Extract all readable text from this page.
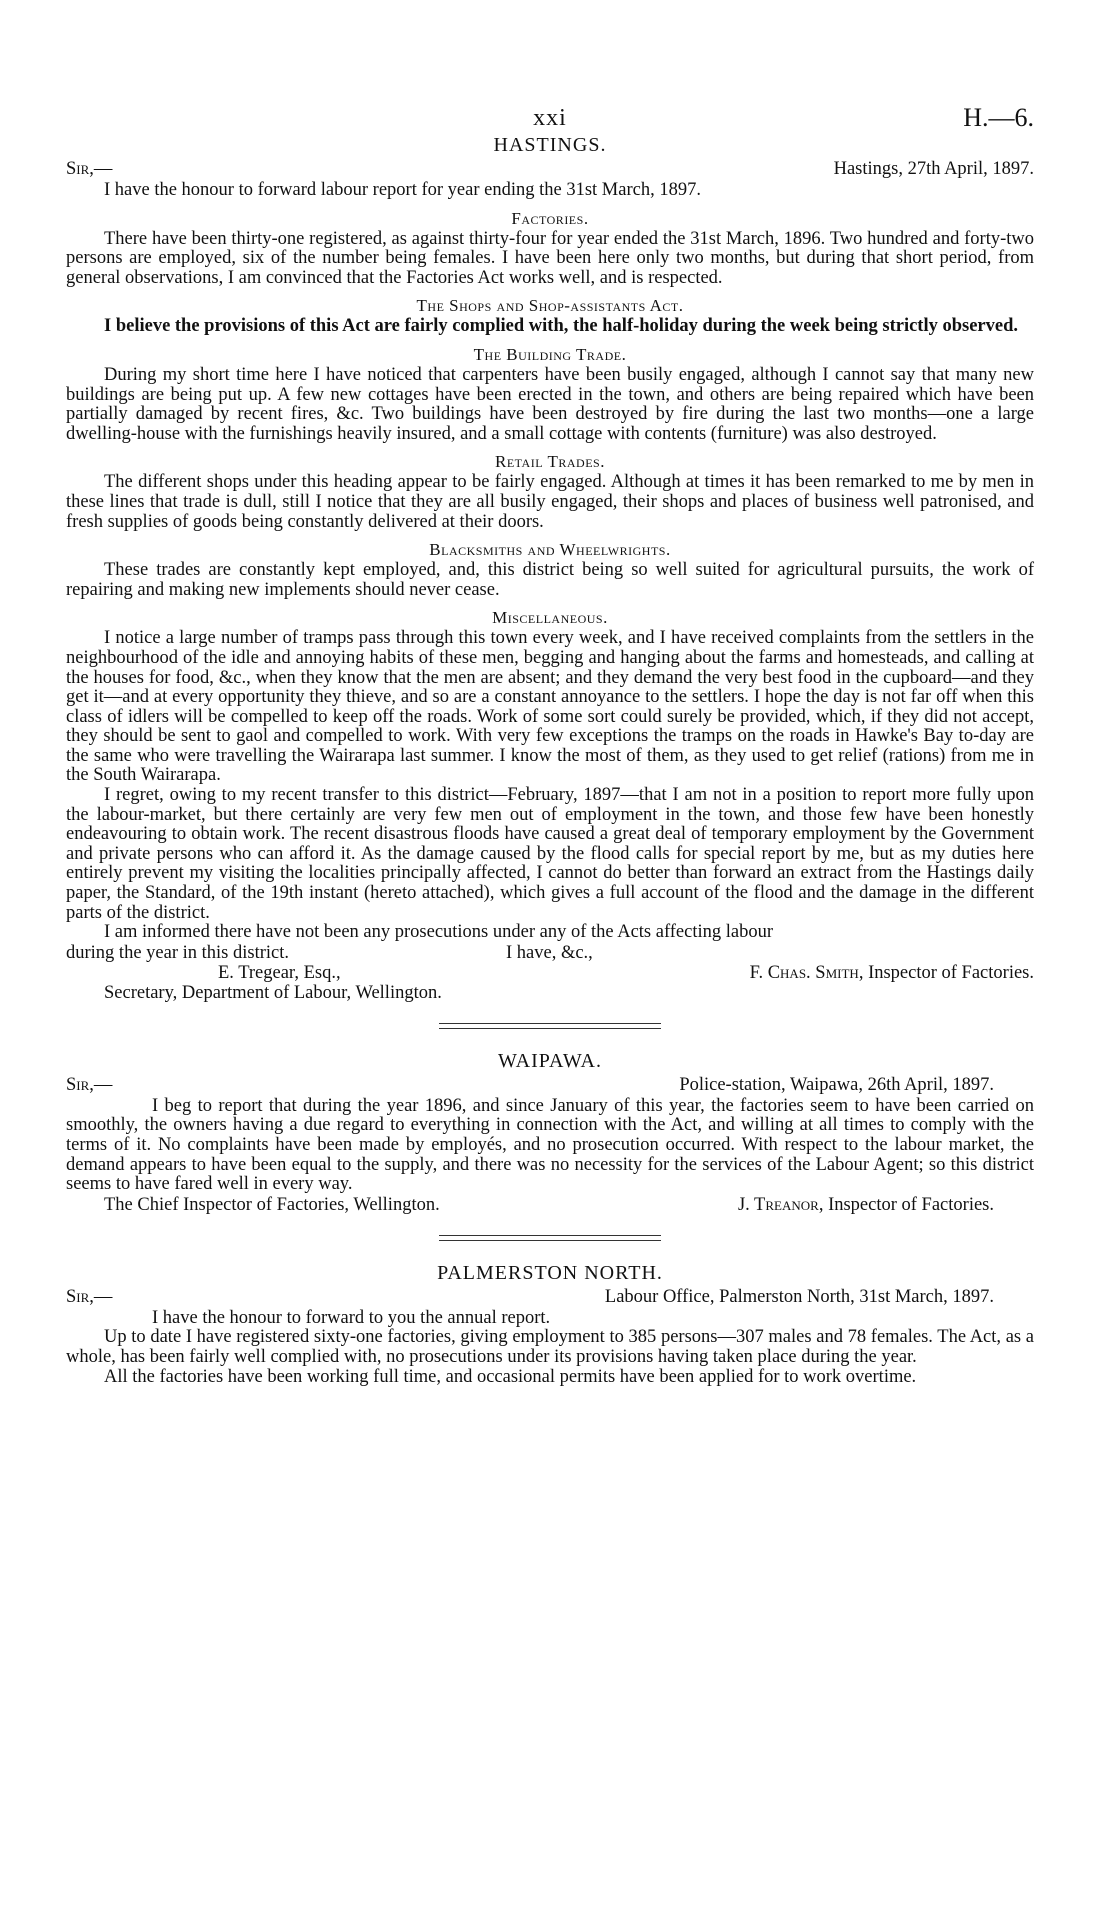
xxi	H.—6.
HASTINGS.
Sir,—	Hastings, 27th April, 1897.

I have the honour to forward labour report for year ending the 31st March, 1897.

Factories.

There have been thirty-one registered, as against thirty-four for year ended the 31st March, 1896. Two hundred and forty-two persons are employed, six of the number being females. I have been here only two months, but during that short period, from general observations, I am convinced that the Factories Act works well, and is respected.

The Shops and Shop-assistants Act.

I believe the provisions of this Act are fairly complied with, the half-holiday during the week being strictly observed.

The Building Trade.

During my short time here I have noticed that carpenters have been busily engaged, although I cannot say that many new buildings are being put up. A few new cottages have been erected in the town, and others are being repaired which have been partially damaged by recent fires, &c. Two buildings have been destroyed by fire during the last two months—one a large dwelling-house with the furnishings heavily insured, and a small cottage with contents (furniture) was also destroyed.

Retail Trades.

The different shops under this heading appear to be fairly engaged. Although at times it has been remarked to me by men in these lines that trade is dull, still I notice that they are all busily engaged, their shops and places of business well patronised, and fresh supplies of goods being constantly delivered at their doors.

Blacksmiths and Wheelwrights.

These trades are constantly kept employed, and, this district being so well suited for agricultural pursuits, the work of repairing and making new implements should never cease.

Miscellaneous.

I notice a large number of tramps pass through this town every week, and I have received complaints from the settlers in the neighbourhood of the idle and annoying habits of these men, begging and hanging about the farms and homesteads, and calling at the houses for food, &c., when they know that the men are absent; and they demand the very best food in the cupboard—and they get it—and at every opportunity they thieve, and so are a constant annoyance to the settlers. I hope the day is not far off when this class of idlers will be compelled to keep off the roads. Work of some sort could surely be provided, which, if they did not accept, they should be sent to gaol and compelled to work. With very few exceptions the tramps on the roads in Hawke's Bay to-day are the same who were travelling the Wairarapa last summer. I know the most of them, as they used to get relief (rations) from me in the South Wairarapa.

I regret, owing to my recent transfer to this district—February, 1897—that I am not in a position to report more fully upon the labour-market, but there certainly are very few men out of employment in the town, and those few have been honestly endeavouring to obtain work. The recent disastrous floods have caused a great deal of temporary employment by the Government and private persons who can afford it. As the damage caused by the flood calls for special report by me, but as my duties here entirely prevent my visiting the localities principally affected, I cannot do better than forward an extract from the Hastings daily paper, the Standard, of the 19th instant (hereto attached), which gives a full account of the flood and the damage in the different parts of the district.

I am informed there have not been any prosecutions under any of the Acts affecting labour

during the year in this district.	I have, &c.,
E. Tregear, Esq.,	F. Chas. Smith, Inspector of Factories.
Secretary, Department of Labour, Wellington.
WAIPAWA.
Sir,—	Police-station, Waipawa, 26th April, 1897.

I beg to report that during the year 1896, and since January of this year, the factories seem to have been carried on smoothly, the owners having a due regard to everything in connection with the Act, and willing at all times to comply with the terms of it. No complaints have been made by employés, and no prosecution occurred. With respect to the labour market, the demand appears to have been equal to the supply, and there was no necessity for the services of the Labour Agent; so this district seems to have fared well in every way.

The Chief Inspector of Factories, Wellington.	J. Treanor, Inspector of Factories.
PALMERSTON NORTH.
Sir,—	Labour Office, Palmerston North, 31st March, 1897.

I have the honour to forward to you the annual report.

Up to date I have registered sixty-one factories, giving employment to 385 persons—307 males and 78 females. The Act, as a whole, has been fairly well complied with, no prosecutions under its provisions having taken place during the year.

All the factories have been working full time, and occasional permits have been applied for to work overtime.
